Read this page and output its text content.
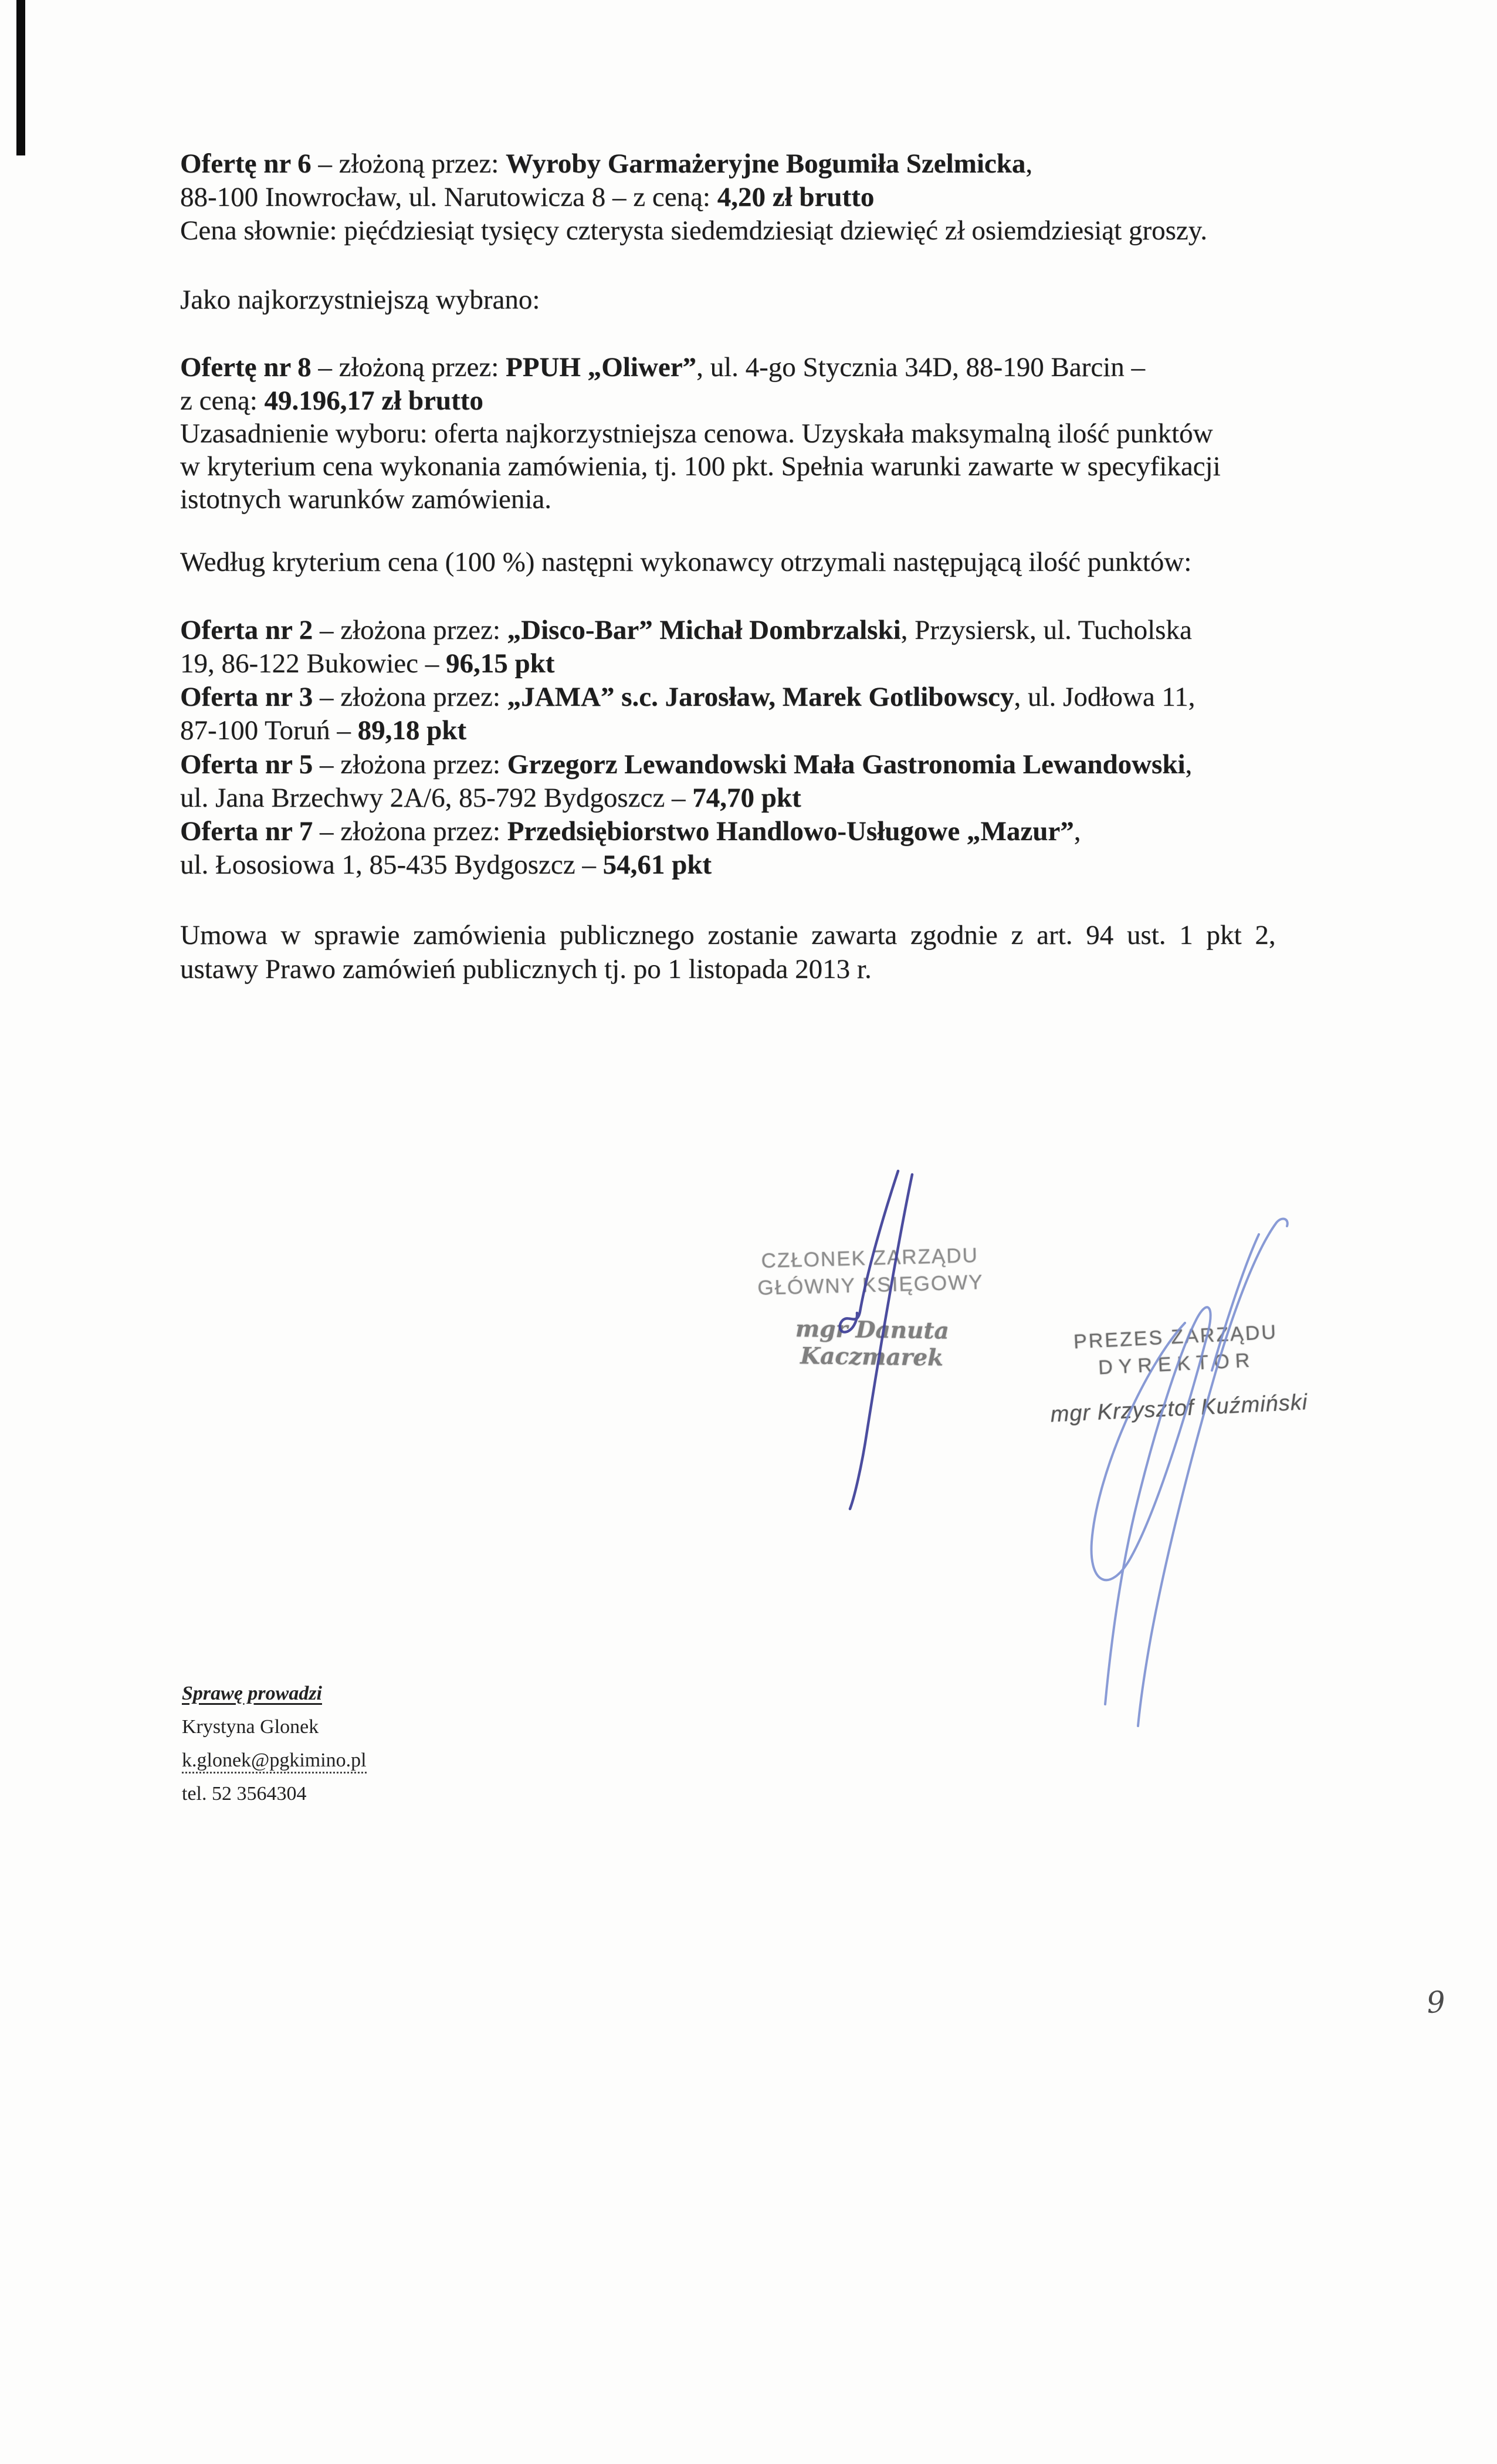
Ofertę nr 6 – złożoną przez: Wyroby Garmażeryjne Bogumiła Szelmicka,
88-100 Inowrocław, ul. Narutowicza 8 – z ceną: 4,20 zł brutto
Cena słownie: pięćdziesiąt tysięcy czterysta siedemdziesiąt dziewięć zł osiemdziesiąt groszy.
Jako najkorzystniejszą wybrano:
Ofertę nr 8 – złożoną przez: PPUH „Oliwer”, ul. 4-go Stycznia 34D, 88-190 Barcin –
z ceną: 49.196,17 zł brutto
Uzasadnienie wyboru: oferta najkorzystniejsza cenowa. Uzyskała maksymalną ilość punktów
w kryterium cena wykonania zamówienia, tj. 100 pkt. Spełnia warunki zawarte w specyfikacji
istotnych warunków zamówienia.
Według kryterium cena (100 %) następni wykonawcy otrzymali następującą ilość punktów:
Oferta nr 2 – złożona przez: „Disco-Bar” Michał Dombrzalski, Przysiersk, ul. Tucholska
19, 86-122 Bukowiec – 96,15 pkt
Oferta nr 3 – złożona przez: „JAMA” s.c. Jarosław, Marek Gotlibowscy, ul. Jodłowa 11,
87-100 Toruń – 89,18 pkt
Oferta nr 5 – złożona przez: Grzegorz Lewandowski Mała Gastronomia Lewandowski,
ul. Jana Brzechwy 2A/6, 85-792 Bydgoszcz – 74,70 pkt
Oferta nr 7 – złożona przez: Przedsiębiorstwo Handlowo-Usługowe „Mazur”,
ul. Łososiowa 1, 85-435 Bydgoszcz – 54,61 pkt
Umowa w sprawie zamówienia publicznego zostanie zawarta zgodnie z art. 94 ust. 1 pkt 2,
ustawy Prawo zamówień publicznych tj. po 1 listopada 2013 r.
CZŁONEK ZARZĄDU
GŁÓWNY KSIĘGOWY
mgr Danuta Kaczmarek
PREZES ZARZĄDU
DYREKTOR
mgr Krzysztof Kuźmiński
Sprawę prowadzi
Krystyna Glonek
k.glonek@pgkimino.pl
tel. 52 3564304
9
